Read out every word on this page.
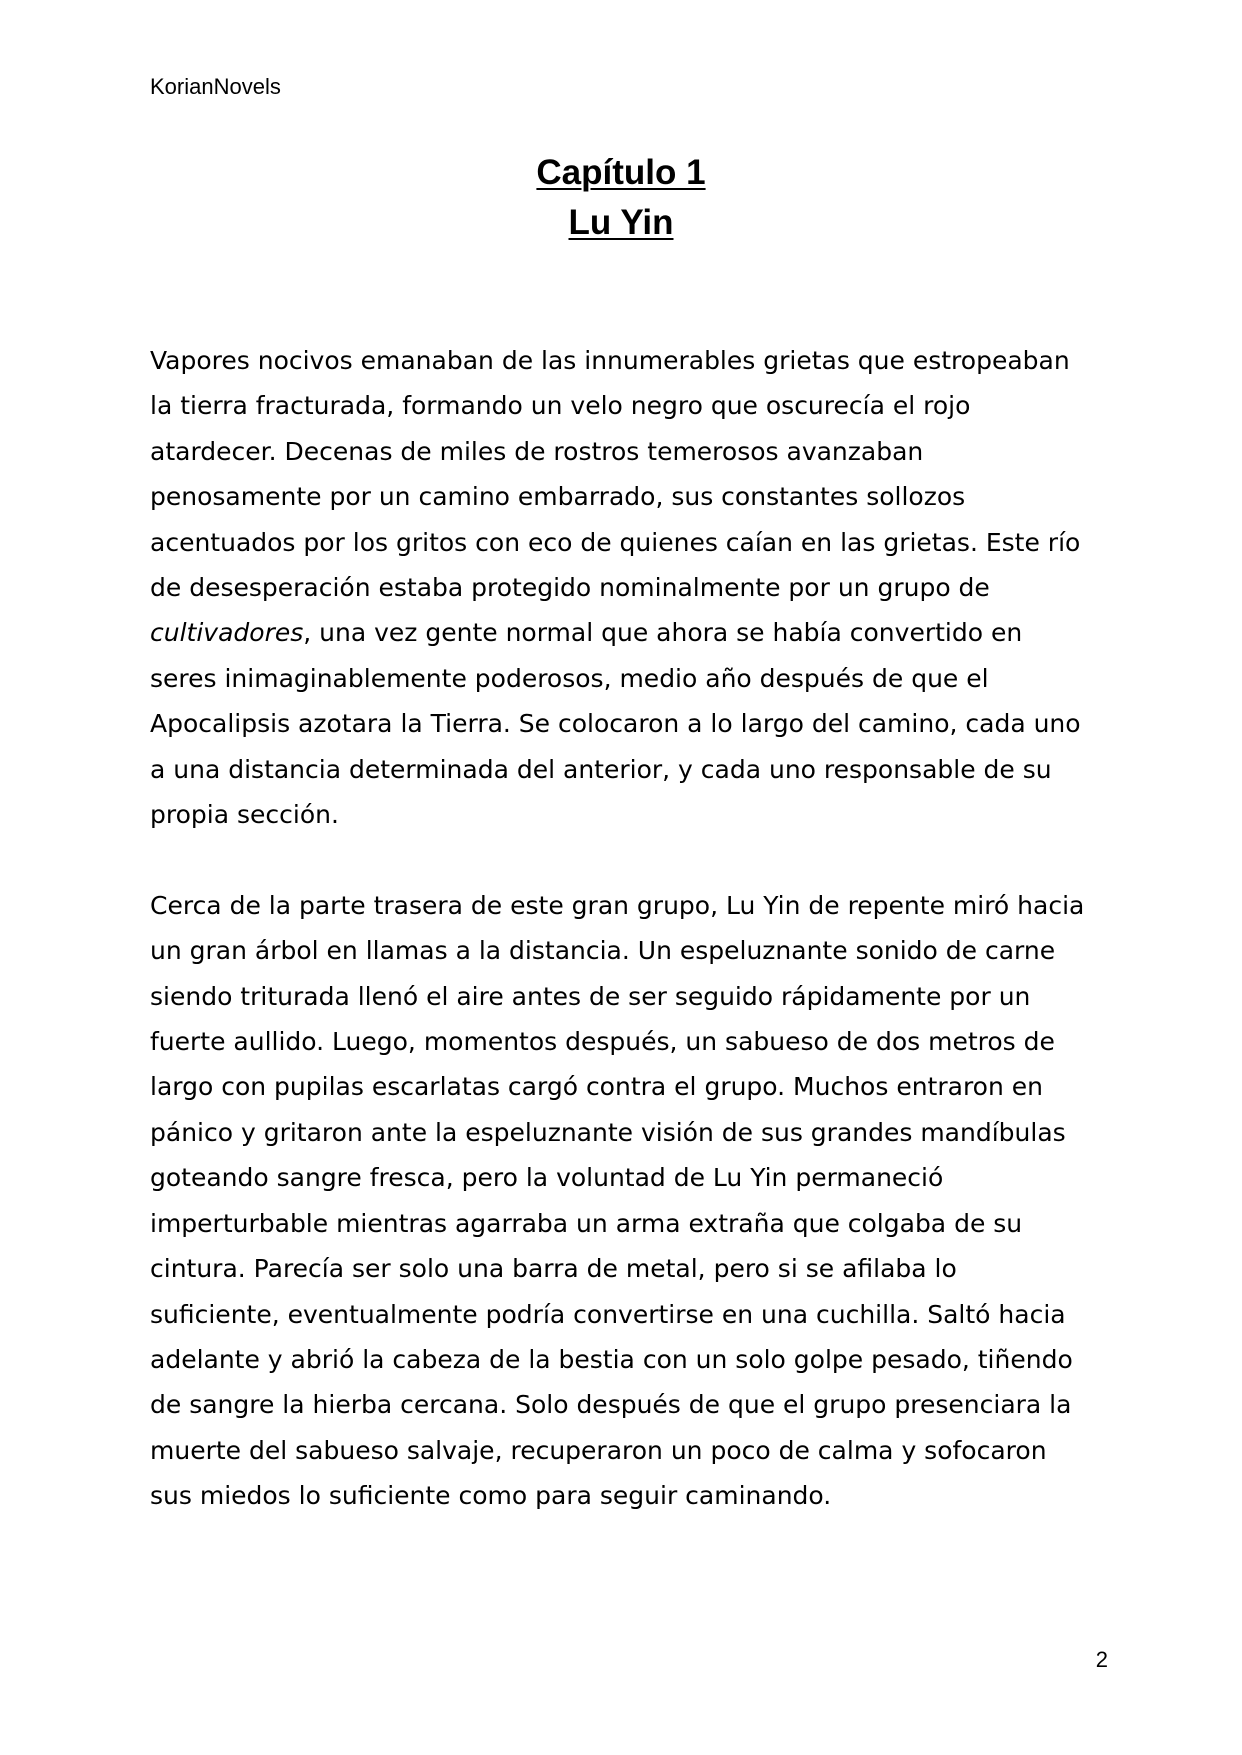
KorianNovels
Capítulo 1
Lu Yin
Vapores nocivos emanaban de las innumerables grietas que estropeaban
la tierra fracturada, formando un velo negro que oscurecía el rojo
atardecer. Decenas de miles de rostros temerosos avanzaban
penosamente por un camino embarrado, sus constantes sollozos
acentuados por los gritos con eco de quienes caían en las grietas. Este río
de desesperación estaba protegido nominalmente por un grupo de
cultivadores, una vez gente normal que ahora se había convertido en
seres inimaginablemente poderosos, medio año después de que el
Apocalipsis azotara la Tierra. Se colocaron a lo largo del camino, cada uno
a una distancia determinada del anterior, y cada uno responsable de su
propia sección.
Cerca de la parte trasera de este gran grupo, Lu Yin de repente miró hacia
un gran árbol en llamas a la distancia. Un espeluznante sonido de carne
siendo triturada llenó el aire antes de ser seguido rápidamente por un
fuerte aullido. Luego, momentos después, un sabueso de dos metros de
largo con pupilas escarlatas cargó contra el grupo. Muchos entraron en
pánico y gritaron ante la espeluznante visión de sus grandes mandíbulas
goteando sangre fresca, pero la voluntad de Lu Yin permaneció
imperturbable mientras agarraba un arma extraña que colgaba de su
cintura. Parecía ser solo una barra de metal, pero si se afilaba lo
suficiente, eventualmente podría convertirse en una cuchilla. Saltó hacia
adelante y abrió la cabeza de la bestia con un solo golpe pesado, tiñendo
de sangre la hierba cercana. Solo después de que el grupo presenciara la
muerte del sabueso salvaje, recuperaron un poco de calma y sofocaron
sus miedos lo suficiente como para seguir caminando.
2
